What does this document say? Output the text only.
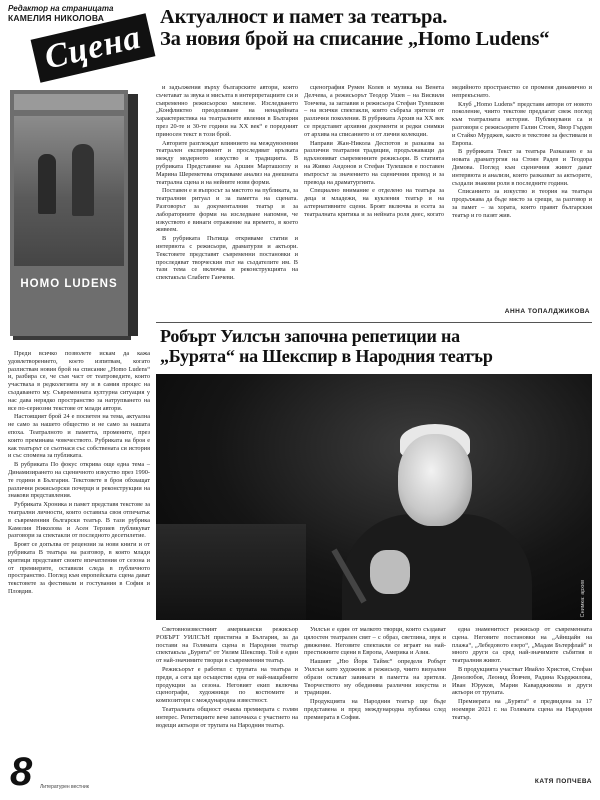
Редактор на страницата
КАМЕЛИЯ НИКОЛОВА
Сцена
Актуалност и памет за театъра.
За новия брой на списание „Homo Ludens“
HOMO LUDENS

Преди всичко позволете искам да кажа удовлетворението, което изпитвам, когато разлиствам новия брой на списание „Homo Ludens“ и, разбира се, че съм част от театроведите, които участваха в редколегията му и в самия процес на създаването му. Съвременната културна ситуация у нас дава нерядко пространство за натрупването на все по-сериозни текстове от млади автори.

Настоящият брой 24 е посветен на тема, актуална не само за нашето общество и не само за нашата епоха. Театралното и паметта, промените, през които преминава човечеството. Рубриката на броя е как театърът се съотнася със собствената си история и със спомена за публиката.

В рубриката По фокус открива още една тема – Динамизирането на сценичното изкуство през 1990-те години в България. Текстовете в броя обхващат различни режисьорски почерци и реконструкции на знакови представления.

Рубриката Хроника и памет представя текстове за театрални личности, които оставиха своя отпечатък в съвременния български театър. В тази рубрика Камелия Николова и Асен Терзиев публикуват разговори за спектакли от последното десетилетие.

Броят се допълва от рецензии за нови книги и от рубриката В театъра на разговор, в която млади критици представят своите впечатления от сезона и от премиерите, оставили следа в публичното пространство. Поглед към европейската сцена дават текстовете за фестивали и гостувания в София и Пловдив.

и задължения върху българските автори, които съчетават за звука и мисълта в интерпретациите си и съвременно режисьорско мислене. Изследването „Конфликтно преодоляване на ненадейната характеристика на театралните явления в България през 20-те и 30-те години на XX век“ е поредният приносен текст в този брой.

Авторите разглеждат влиянието на междувоенния театрален експеримент и проследяват връзката между модерното изкуство и традицията. В рубриката Представяне на Аршин Марташоглу и Марина Шереметева откриваме анализ на днешната театрална сцена и на нейните нови форми.

Поставен е и въпросът за мястото на публиката, за театралния ритуал и за паметта на сцената. Разговорът за документалния театър и за лабораторните форми на изследване напомня, че изкуството е винаги отражение на времето, в което живеем.

В рубриката Пътища откриваме статии и интервюта с режисьори, драматурзи и актьори. Текстовете представят съвременни постановки и проследяват творческия път на създателите им. В тази тема се включва и реконструкцията на спектакъла Слабите Ганчеви.

сценография Румен Колев и музика на Венета Делчева, а режисьорът Теодор Ушев – на Висвиля Тончева, за заглавия и режисьора Стефан Тулешков – на всички спектакли, които събраха зрители от различни поколения. В рубриката Архив на XX век се представят архивни документи и редки снимки от архива на списанието и от лични колекции.

Направи Жан-Никола Деспотов и разказва за различни театрални традиции, продължаващи да вдъхновяват съвременните режисьори. В статията на Живко Андонов и Стефан Тулешков е поставен въпросът за значението на сценичния превод и за превода на драматургията.

Специално внимание е отделено на театъра за деца и младежи, на кукления театър и на алтернативните сцени. Броят включва и есета за театралната критика и за нейната роля днес, когато медийното пространство се променя динамично и непрекъснато.

Клуб „Homo Ludens“ представя автори от новото поколение, чиито текстове предлагат свеж поглед към театралната история. Публикувани са и разговори с режисьорите Галин Стоев, Явор Гърдев и Стайко Мурджев, както и текстове за фестивали в Европа.

В рубриката Текст за театъра Разказано е за новата драматургия на Стоян Радев и Теодора Димова. Поглед към сценичния живот дават интервюта и анализи, които разказват за актьорите, създали знакови роли в последните години.

Списанието за изкуство и теория на театъра продължава да бъде място за срещи, за разговор и за памет – за хората, които правят българския театър и го пазят жив.

АННА ТОПАЛДЖИКОВА
Робърт Уилсън започна репетиции на
„Бурята“ на Шекспир в Народния театър
Снимка: архив

Световноизвестният американски режисьор РОБЪРТ УИЛСЪН пристигна в България, за да постави на Голямата сцена в Народния театър спектакъла „Бурята“ от Уилям Шекспир. Той е един от най-значимите творци в съвременния театър.

Режисьорът е работил с трупата на театъра и преди, а сега ще осъществи една от най-мащабните продукции за сезона. Неговият екип включва сценографи, художници по костюмите и композитори с международна известност.

Театралната общност очаква премиерата с голям интерес. Репетициите вече започнаха с участието на водещи актьори от трупата на Народния театър.

Уилсън е един от малкото творци, които създават цялостен театрален свят – с образ, светлина, звук и движение. Неговите спектакли се играят на най-престижните сцени в Европа, Америка и Азия.

Нашият „Ню Йорк Таймс“ определя Робърт Уилсън като художник и режисьор, чиито визуални образи остават завинаги в паметта на зрителя. Творчеството му обединява различни изкуства и традиции.

Продукцията на Народния театър ще бъде представена и пред международна публика след премиерата в София.

една знаменитост режисьор от съвременната сцена. Неговите постановки на „Айнщайн на плажа“, „Лебедовото езеро“, „Мадам Бътерфлай“ и много други са сред най-значимите събития в театралния живот.

В продукцията участват Ивайло Христов, Стефан Денолюбов, Леонид Йовчев, Радина Кърджилова, Иван Юруков, Мария Каварджикова и други актьори от трупата.

Премиерата на „Бурята“ е предвидена за 17 ноември 2021 г. на Голямата сцена на Народния театър.

КАТЯ ПОПЧЕВА
8 Литературен вестник
